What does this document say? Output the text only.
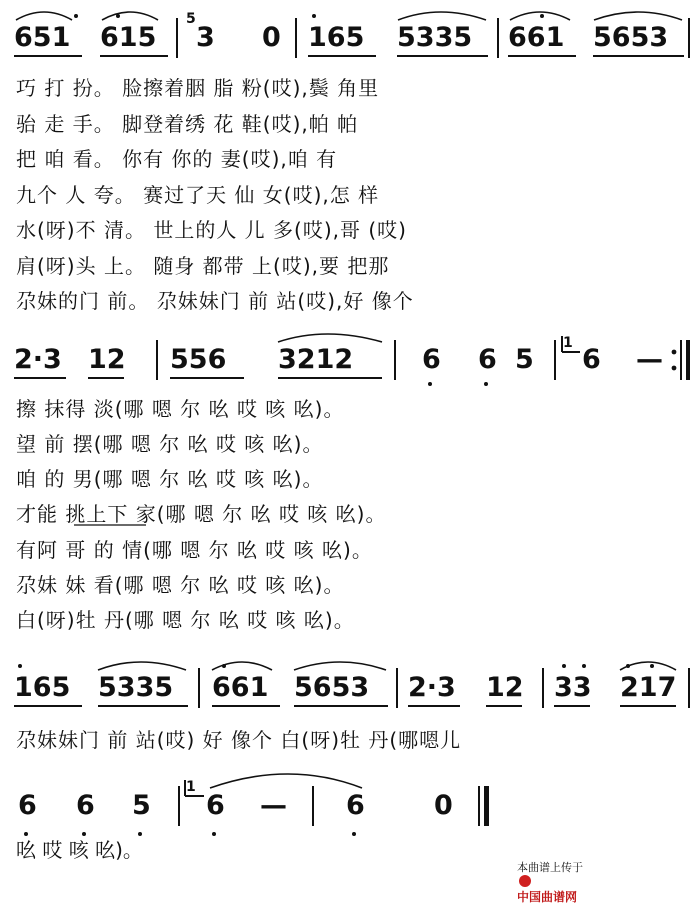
651 615
5
3 0 165 5335 661 5653
巧 打 扮。 脸擦着胭 脂 粉(哎),鬓 角里
骀 走 手。 脚登着绣 花 鞋(哎),帕 帕
把 咱 看。 你有 你的 妻(哎),咱 有
九个 人 夸。 赛过了天 仙 女(哎),怎 样
水(呀)不 清。 世上的人 儿 多(哎),哥 (哎)
肩(呀)头 上。 随身 都带 上(哎),要 把那
尕妹的门 前。 尕妹妹门 前 站(哎),好 像个
2·3 12 556 3212	6 6 5
1
6 —
擦 抹得 淡(哪 嗯 尔 吆 哎 咳 吆)。
望 前 摆(哪 嗯 尔 吆 哎 咳 吆)。
咱 的 男(哪 嗯 尔 吆 哎 咳 吆)。
才能 挑上下 家(哪 嗯 尔 吆 哎 咳 吆)。
有阿 哥 的 情(哪 嗯 尔 吆 哎 咳 吆)。
尕妹 妹 看(哪 嗯 尔 吆 哎 咳 吆)。
白(呀)牡 丹(哪 嗯 尔 吆 哎 咳 吆)。
165 5335 661 5653 2·3 12 33 217
尕妹妹门 前 站(哎) 好 像个 白(呀)牡 丹(哪嗯儿
6 6 5
1
6 — 6	0
吆 哎 咳 吆)。

本曲谱上传于

中国曲谱网
